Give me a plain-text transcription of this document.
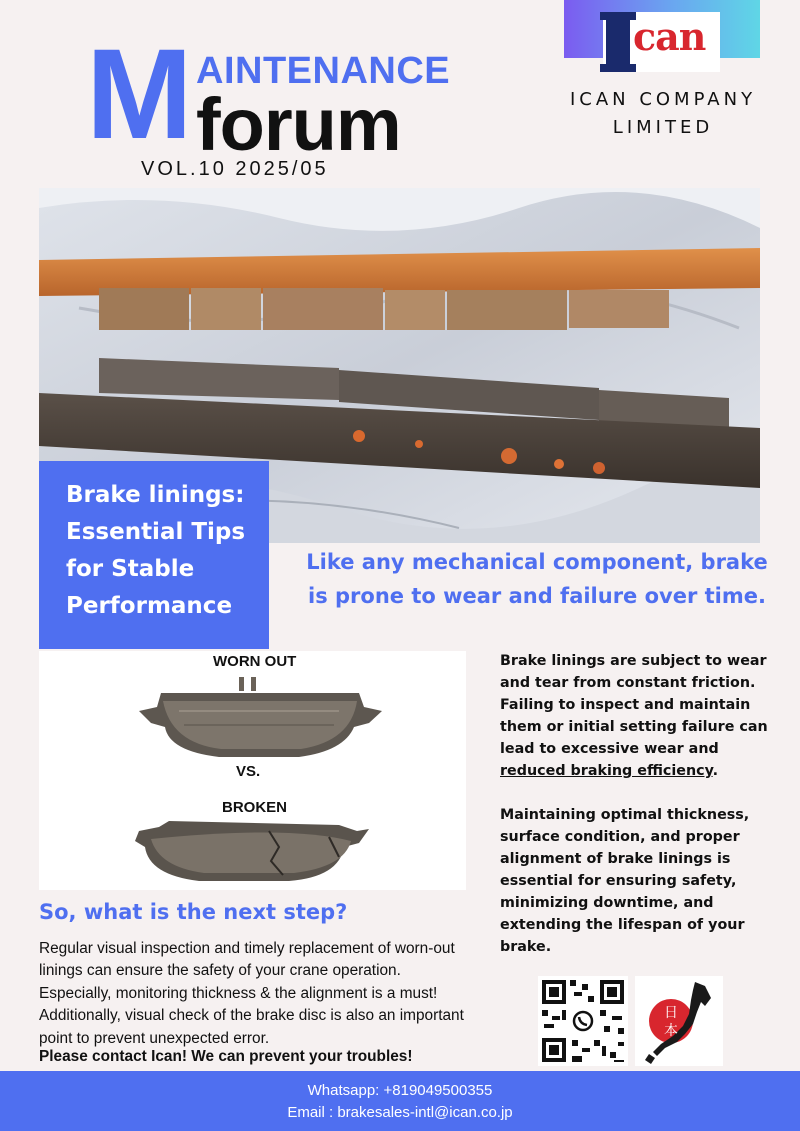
M AINTENANCE
forum
VOL.10 2025/05
can
ICAN COMPANY
LIMITED
Brake linings:
Essential Tips
for Stable
Performance
Like any mechanical component, brake
is prone to wear and failure over time.
WORN OUT
VS.
BROKEN

Brake linings are subject to wear and tear from constant friction. Failing to inspect and maintain them or initial setting failure can lead to excessive wear and reduced braking efficiency.

Maintaining optimal thickness, surface condition, and proper alignment of brake linings is essential for ensuring safety, minimizing downtime, and extending the lifespan of your brake.

So, what is the next step?
Regular visual inspection and timely replacement of worn-out linings can ensure the safety of your crane operation. Especially, monitoring thickness & the alignment is a must! Additionally, visual check of the brake disc is also an important point to prevent unexpected error.
Please contact Ican! We can prevent your troubles!
日
本
Whatsapp: +819049500355
Email : brakesales-intl@ican.co.jp
